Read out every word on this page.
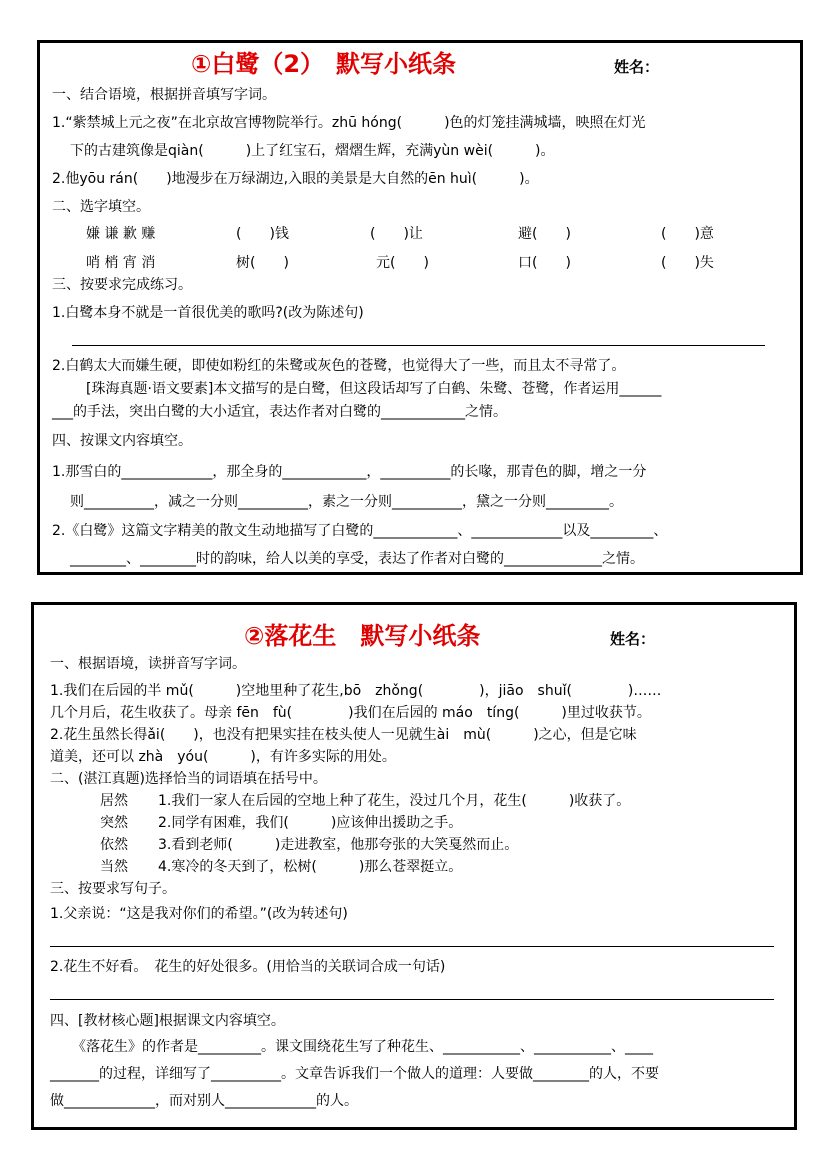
①白鹭（2）　默写小纸条	姓名：
一、结合语境，根据拼音填写字词。
1.“紫禁城上元之夜”在北京故宫博物院举行。zhū hóng(　　　)色的灯笼挂满城墙，映照在灯光
下的古建筑像是qiàn(　　　)上了红宝石，熠熠生辉，充满yùn wèi(　　　)。
2.他yōu rán(　　)地漫步在万绿湖边,入眼的美景是大自然的ēn huì(　　　)。
二、选字填空。
嫌 谦 歉 赚	(　　)钱	(　　)让	避(　　)	(　　)意
哨 梢 宵 消	树(　　)	元(　　)	口(　　)	(　　)失
三、按要求完成练习。
1.白鹭本身不就是一首很优美的歌吗?(改为陈述句)
2.白鹤太大而嫌生硬，即使如粉红的朱鹭或灰色的苍鹭，也觉得大了一些，而且太不寻常了。
[珠海真题·语文要素]本文描写的是白鹭，但这段话却写了白鹤、朱鹭、苍鹭，作者运用______
___的手法，突出白鹭的大小适宜，表达作者对白鹭的____________之情。
四、按课文内容填空。
1.那雪白的_____________，那全身的____________，__________的长喙，那青色的脚，增之一分
则__________，减之一分则__________，素之一分则__________，黛之一分则_________。
2.《白鹭》这篇文字精美的散文生动地描写了白鹭的____________、_____________以及_________、
________、________时的韵味，给人以美的享受，表达了作者对白鹭的______________之情。
②落花生　默写小纸条	姓名：
一、根据语境，读拼音写字词。
1.我们在后园的半 mǔ(　　　)空地里种了花生,bō　zhǒng(　　　　)，jiāo　shuǐ(　　　　)……
几个月后，花生收获了。母亲 fēn　fù(　　　　)我们在后园的 máo　tíng(　　　)里过收获节。
2.花生虽然长得ǎi(　　)，也没有把果实挂在枝头使人一见就生ài　mù(　　　)之心，但是它味
道美，还可以 zhà　yóu(　　　)，有许多实际的用处。
二、(湛江真题)选择恰当的词语填在括号中。
居然 1.我们一家人在后园的空地上种了花生，没过几个月，花生(　　　)收获了。
突然 2.同学有困难，我们(　　　)应该伸出援助之手。
依然 3.看到老师(　　　)走进教室，他那夸张的大笑戛然而止。
当然 4.寒冷的冬天到了，松树(　　　)那么苍翠挺立。
三、按要求写句子。
1.父亲说：“这是我对你们的希望。”(改为转述句)
2.花生不好看。　花生的好处很多。(用恰当的关联词合成一句话)
四、[教材核心题]根据课文内容填空。
《落花生》的作者是_________。课文围绕花生写了种花生、___________、___________、____
_______的过程，详细写了__________。文章告诉我们一个做人的道理：人要做________的人，不要
做_____________，而对别人_____________的人。
